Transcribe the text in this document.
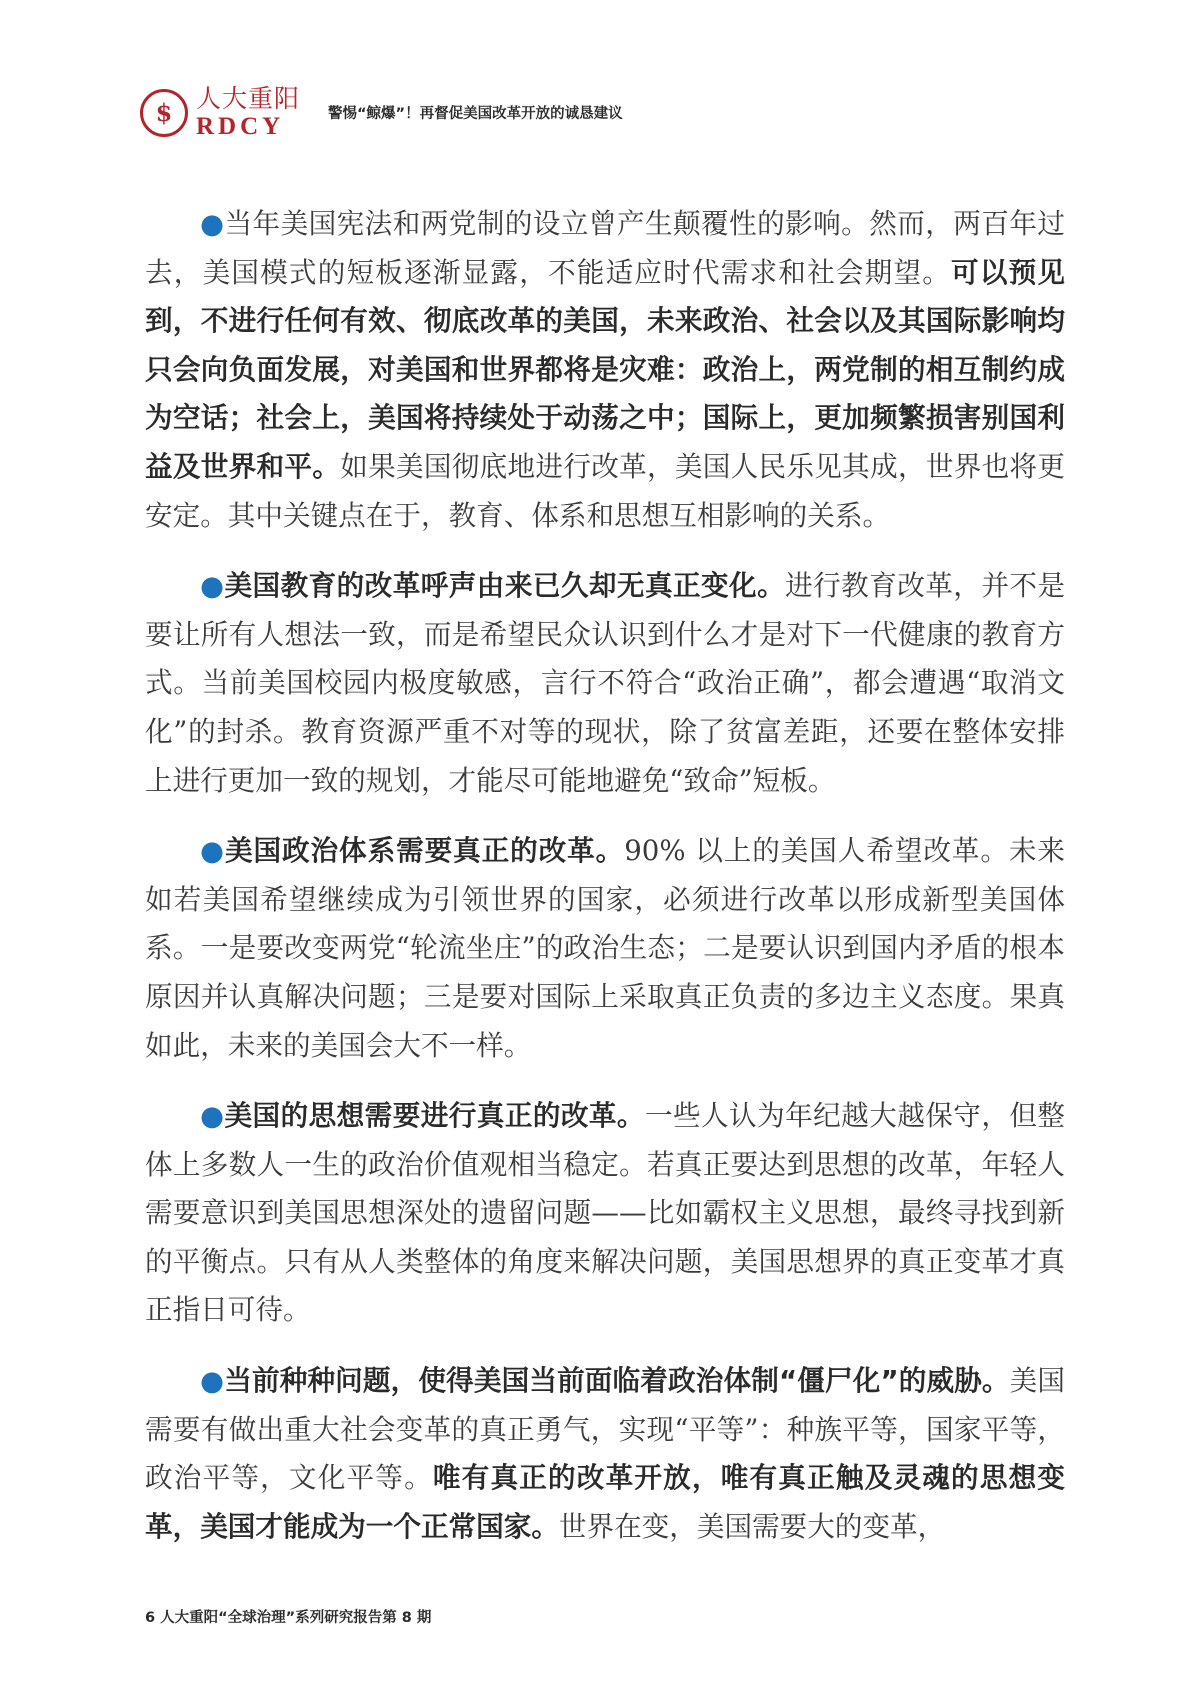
$ 人大重阳
RDCY	警惕“鲸爆”！再督促美国改革开放的诚恳建议

●当年美国宪法和两党制的设立曾产生颠覆性的影响。然而，两百年过去，美国模式的短板逐渐显露，不能适应时代需求和社会期望。可以预见到，不进行任何有效、彻底改革的美国，未来政治、社会以及其国际影响均只会向负面发展，对美国和世界都将是灾难：政治上，两党制的相互制约成为空话；社会上，美国将持续处于动荡之中；国际上，更加频繁损害别国利益及世界和平。如果美国彻底地进行改革，美国人民乐见其成，世界也将更安定。其中关键点在于，教育、体系和思想互相影响的关系。

●美国教育的改革呼声由来已久却无真正变化。进行教育改革，并不是要让所有人想法一致，而是希望民众认识到什么才是对下一代健康的教育方式。当前美国校园内极度敏感，言行不符合“政治正确”，都会遭遇“取消文化”的封杀。教育资源严重不对等的现状，除了贫富差距，还要在整体安排上进行更加一致的规划，才能尽可能地避免“致命”短板。

●美国政治体系需要真正的改革。90% 以上的美国人希望改革。未来如若美国希望继续成为引领世界的国家，必须进行改革以形成新型美国体系。一是要改变两党“轮流坐庄”的政治生态；二是要认识到国内矛盾的根本原因并认真解决问题；三是要对国际上采取真正负责的多边主义态度。果真如此，未来的美国会大不一样。

●美国的思想需要进行真正的改革。一些人认为年纪越大越保守，但整体上多数人一生的政治价值观相当稳定。若真正要达到思想的改革，年轻人需要意识到美国思想深处的遗留问题——比如霸权主义思想，最终寻找到新的平衡点。只有从人类整体的角度来解决问题，美国思想界的真正变革才真正指日可待。

●当前种种问题，使得美国当前面临着政治体制“僵尸化”的威胁。美国需要有做出重大社会变革的真正勇气，实现“平等”：种族平等，国家平等，政治平等，文化平等。唯有真正的改革开放，唯有真正触及灵魂的思想变革，美国才能成为一个正常国家。世界在变，美国需要大的变革，

6 人大重阳“全球治理”系列研究报告第 8 期
